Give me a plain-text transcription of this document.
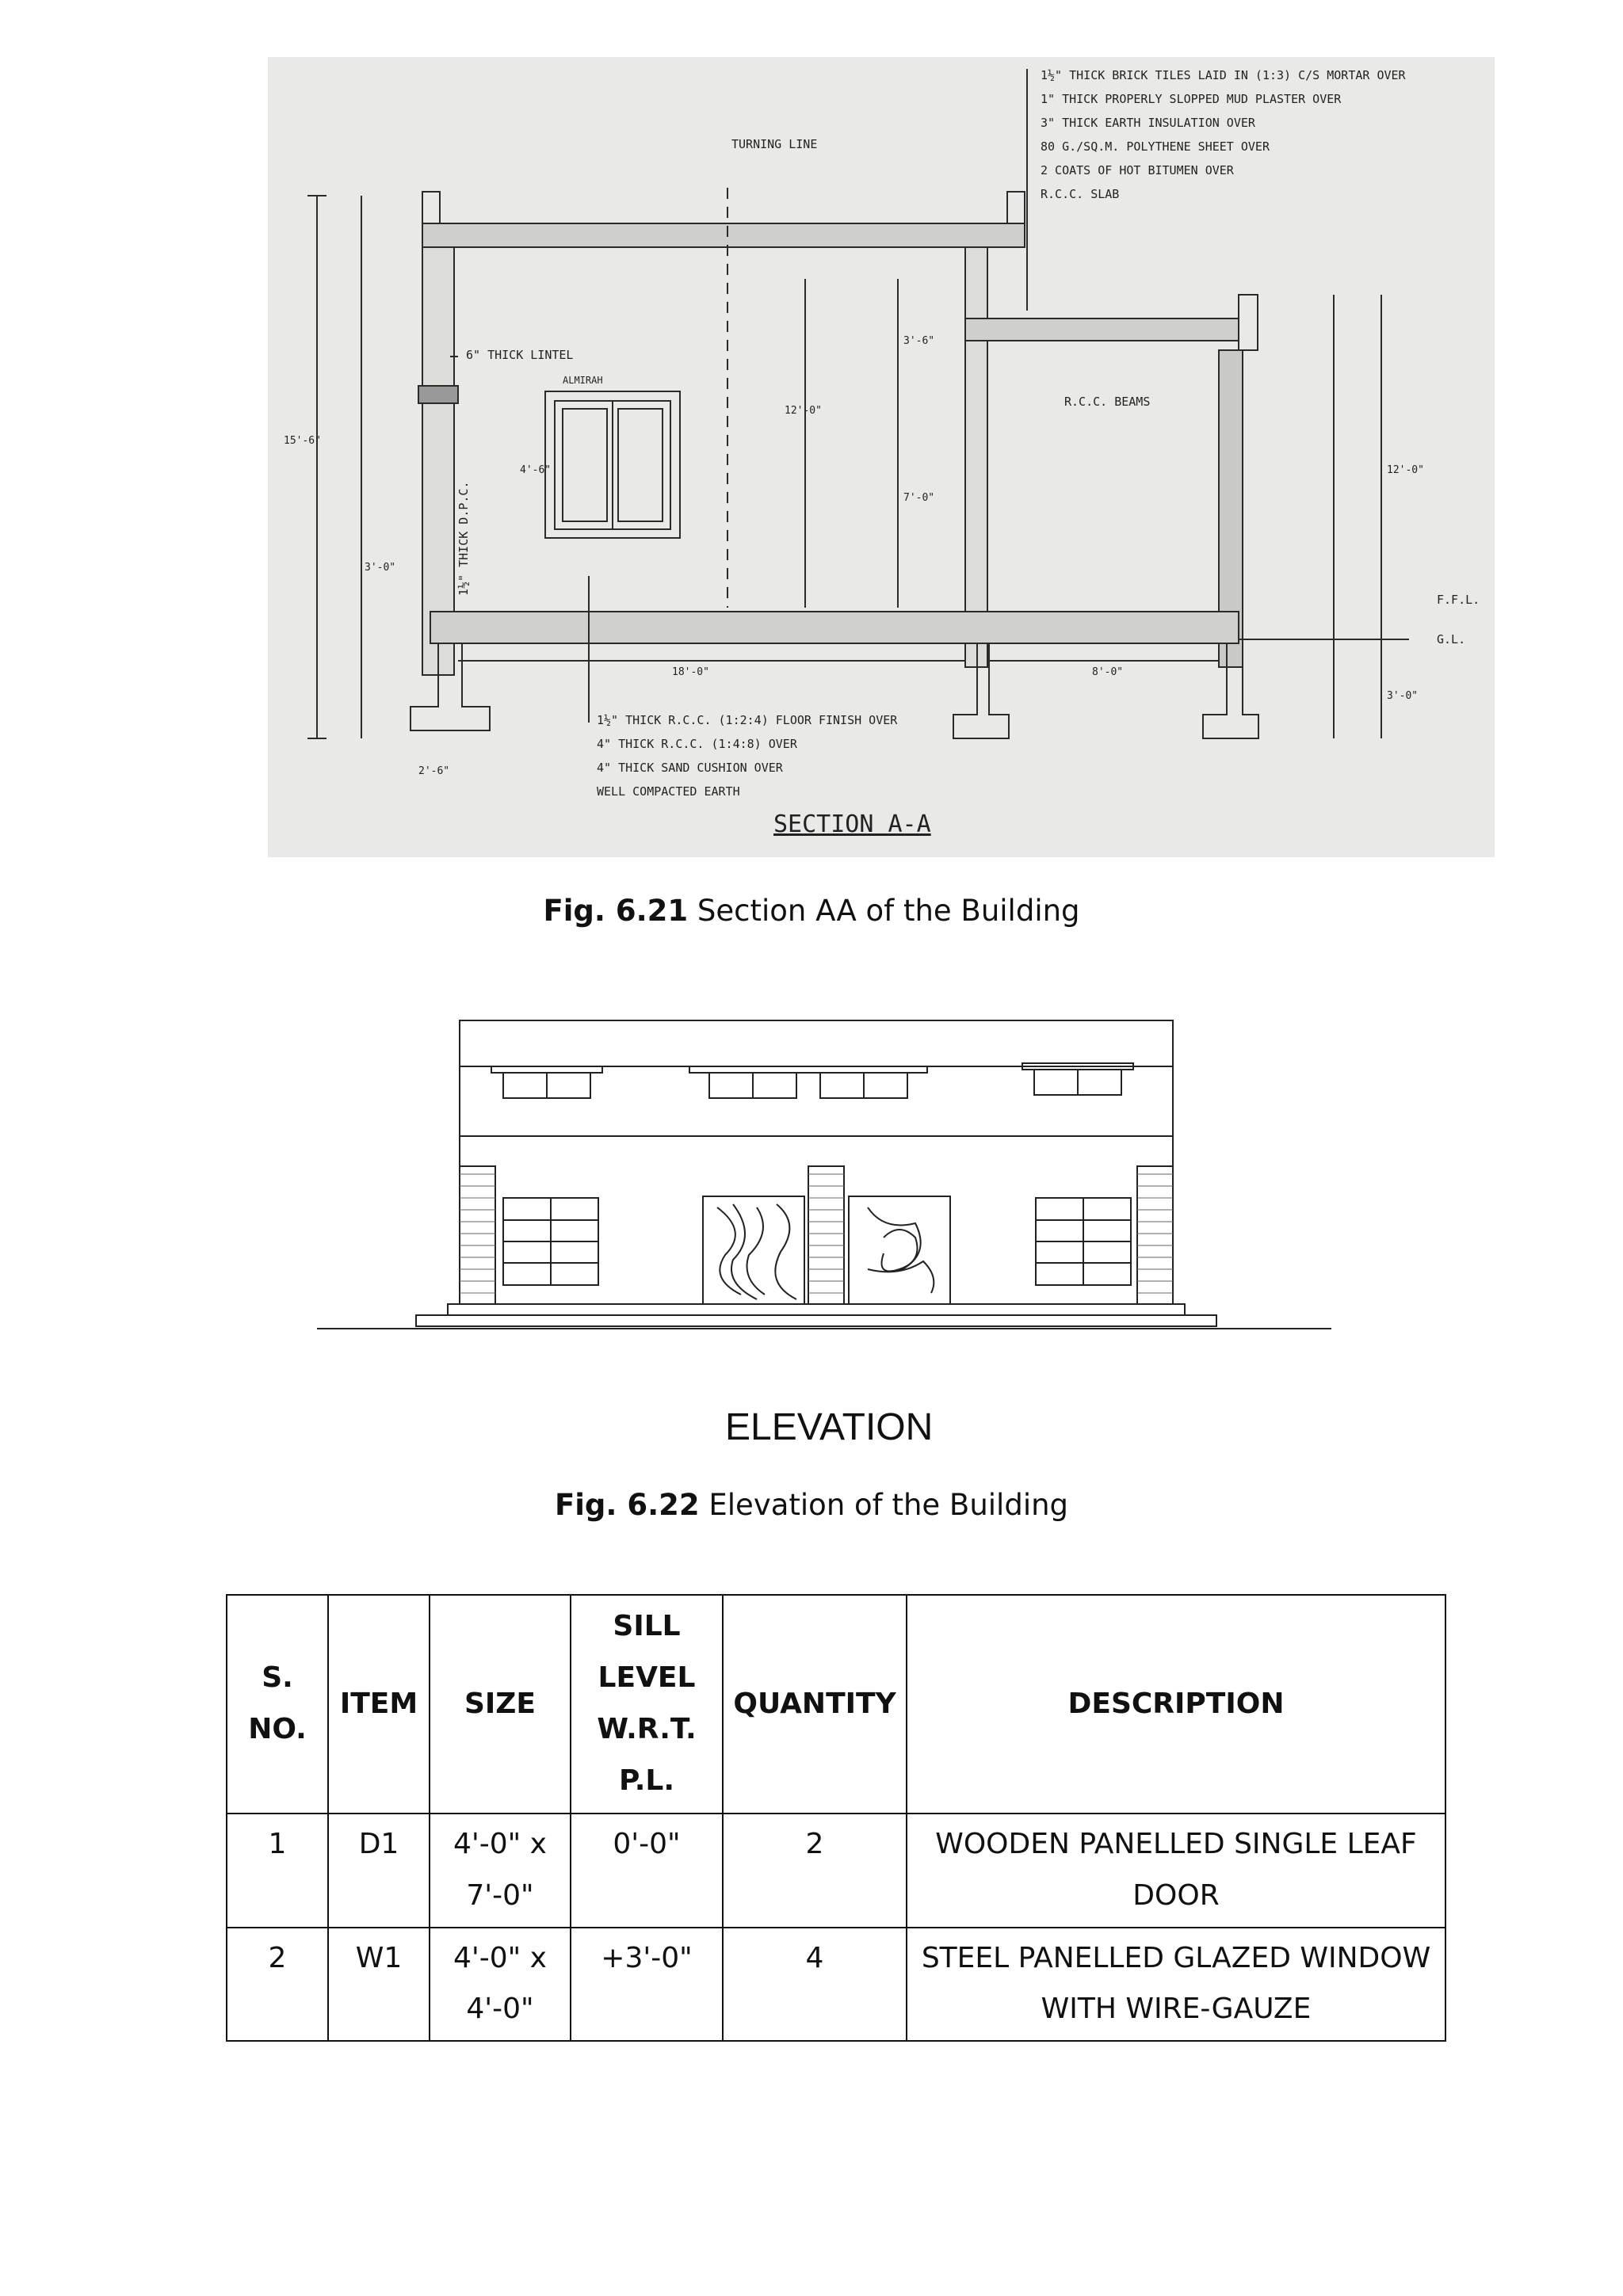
1½" THICK BRICK TILES LAID IN (1:3) C/S MORTAR OVER
1" THICK PROPERLY SLOPPED MUD PLASTER OVER
3" THICK EARTH INSULATION OVER
80 G./SQ.M. POLYTHENE SHEET OVER
2 COATS OF HOT BITUMEN OVER
R.C.C. SLAB
TURNING LINE
6" THICK LINTEL
ALMIRAH
R.C.C. BEAMS
1½" THICK D.P.C.
F.F.L.
G.L.
15'-6"
3'-0"
2'-6"
18'-0"	8'-0"
12'-0"
7'-0"
3'-6"
4'-6"	12'-0"
3'-0"
1½" THICK R.C.C. (1:2:4) FLOOR FINISH OVER
4" THICK R.C.C. (1:4:8) OVER
4" THICK SAND CUSHION OVER
WELL COMPACTED EARTH
SECTION A-A
Fig. 6.21 Section AA of the Building
ELEVATION
Fig. 6.22 Elevation of the Building
S. NO.	ITEM	SIZE	SILL LEVEL W.R.T. P.L.	QUANTITY	DESCRIPTION
1	D1	4'-0" x 7'-0"	0'-0"	2	WOODEN PANELLED SINGLE LEAF DOOR
2	W1	4'-0" x 4'-0"	+3'-0"	4	STEEL PANELLED GLAZED WINDOW WITH WIRE-GAUZE
